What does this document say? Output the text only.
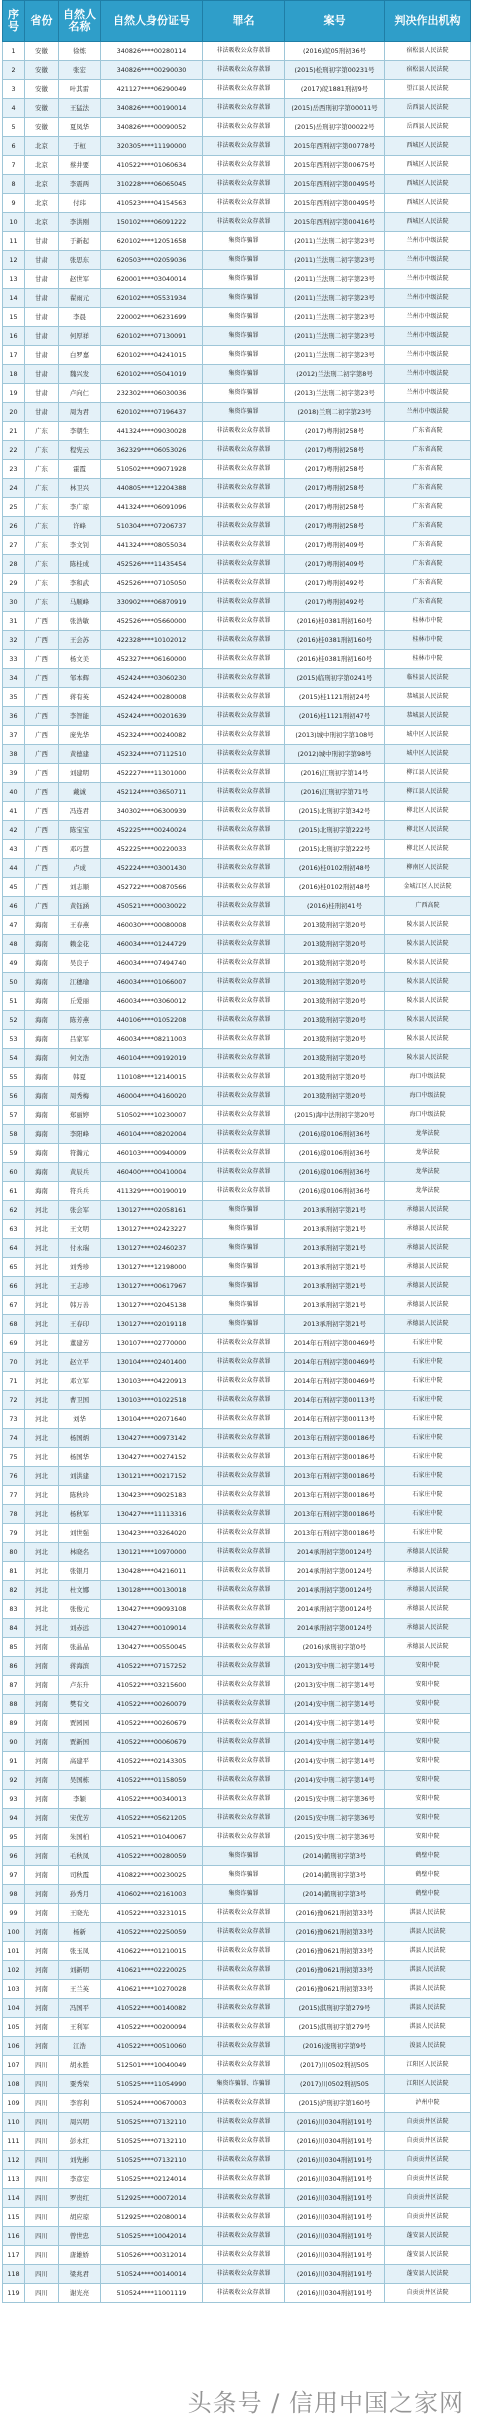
序号	省份	自然人名称	自然人身份证号	罪名	案号	判决作出机构
1	安徽	徐炼	340826****00280114	非法吸收公众存款罪	(2016)皖05刑初36号	宿松县人民法院
2	安徽	张宏	340826****00290030	非法吸收公众存款罪	(2015)松刑初字第00231号	宿松县人民法院
3	安徽	叶其雷	421127****06290049	非法吸收公众存款罪	(2017)皖1881刑初9号	望江县人民法院
4	安徽	王猛法	340826****00190014	非法吸收公众存款罪	(2015)岳西刑初字第00011号	岳西县人民法院
5	安徽	夏凤华	340826****00090052	非法吸收公众存款罪	(2015)岳刑初字第00022号	岳西县人民法院
6	北京	于桓	320305****11190000	非法吸收公众存款罪	2015年西刑初字第00778号	西城区人民法院
7	北京	蔡井要	410522****01060634	非法吸收公众存款罪	2015年西刑初字第00675号	西城区人民法院
8	北京	李震两	310228****06065045	非法吸收公众存款罪	2015年西刑初字第00495号	西城区人民法院
9	北京	付玮	410523****04154563	非法吸收公众存款罪	2015年西刑初字第00495号	西城区人民法院
10	北京	李洪刚	150102****06091222	非法吸收公众存款罪	2015年西刑初字第00416号	西城区人民法院
11	甘肃	于新起	620102****12051658	集资诈骗罪	(2011)兰法刑二初字第23号	兰州市中级法院
12	甘肃	张思东	620503****02059036	集资诈骗罪	(2011)兰法刑二初字第23号	兰州市中级法院
13	甘肃	赵世军	620001****03040014	集资诈骗罪	(2011)兰法刑二初字第23号	兰州市中级法院
14	甘肃	翟雨元	620102****05531934	集资诈骗罪	(2011)兰法刑二初字第23号	兰州市中级法院
15	甘肃	李晨	220002****06231699	集资诈骗罪	(2011)兰法刑二初字第23号	兰州市中级法院
16	甘肃	何厚祥	620102****07130091	集资诈骗罪	(2011)兰法刑二初字第23号	兰州市中级法院
17	甘肃	白罗嘉	620102****04241015	集资诈骗罪	(2011)兰法刑二初字第23号	兰州市中级法院
18	甘肃	魏兴发	620102****05041019	集资诈骗罪	(2012)兰法刑二初字第8号	兰州市中级法院
19	甘肃	卢向仁	232302****06030036	集资诈骗罪	(2013)兰法刑二初字第23号	兰州市中级法院
20	甘肃	周为君	620102****07196437	集资诈骗罪	(2018)兰刑二初字第23号	兰州市中级法院
21	广东	李朝生	441324****09030028	非法吸收公众存款罪	(2017)粤刑初258号	广东省高院
22	广东	程宪云	362329****06053026	非法吸收公众存款罪	(2017)粤刑初258号	广东省高院
23	广东	霍霞	510502****09071928	非法吸收公众存款罪	(2017)粤刑初258号	广东省高院
24	广东	林卫兴	440805****12204388	非法吸收公众存款罪	(2017)粤刑初258号	广东省高院
25	广东	李广琼	441324****06091096	非法吸收公众存款罪	(2017)粤刑初258号	广东省高院
26	广东	许峰	510304****07206737	非法吸收公众存款罪	(2017)粤刑初258号	广东省高院
27	广东	李文钊	441324****08055034	非法吸收公众存款罪	(2017)粤刑初409号	广东省高院
28	广东	陈桂成	452526****11435454	非法吸收公众存款罪	(2017)粤刑初409号	广东省高院
29	广东	李和武	452526****07105050	非法吸收公众存款罪	(2017)粤刑初492号	广东省高院
30	广东	马顺峰	330902****06870919	非法吸收公众存款罪	(2017)粤刑初492号	广东省高院
31	广西	张浩敏	452526****05660000	非法吸收公众存款罪	(2016)桂0381刑初160号	桂林市中院
32	广西	王会苏	422328****10102012	非法吸收公众存款罪	(2016)桂0381刑初160号	桂林市中院
33	广西	杨文美	452327****06160000	非法吸收公众存款罪	(2016)桂0381刑初160号	桂林市中院
34	广西	邹本辉	452424****03060230	非法吸收公众存款罪	(2015)临刑初字第0241号	临桂县人民法院
35	广西	蒋有英	452424****00280008	非法吸收公众存款罪	(2015)桂1121刑初24号	恭城县人民法院
36	广西	李智能	452424****00201639	非法吸收公众存款罪	(2016)桂1121刑初47号	恭城县人民法院
37	广西	庞先华	452324****00240082	非法吸收公众存款罪	(2013)城中刑初字第108号	城中区人民法院
38	广西	黄德建	452324****07112510	非法吸收公众存款罪	(2012)城中刑初字第98号	城中区人民法院
39	广西	刘建明	452227****11301000	非法吸收公众存款罪	(2016)江刑初字第14号	柳江县人民法院
40	广西	戴诚	452124****03650711	非法吸收公众存款罪	(2016)江刑初字第71号	柳江县人民法院
41	广西	冯连君	340302****06300939	非法吸收公众存款罪	(2015)北刑初字第342号	柳北区人民法院
42	广西	陈宝宝	452225****00240024	非法吸收公众存款罪	(2015)北刑初字第222号	柳北区人民法院
43	广西	邓巧慧	452225****00220033	非法吸收公众存款罪	(2015)北刑初字第222号	柳北区人民法院
44	广西	卢成	452224****03001430	非法吸收公众存款罪	(2016)桂0102刑初48号	柳南区人民法院
45	广西	刘志顺	452722****00870566	非法吸收公众存款罪	(2016)桂0102刑初48号	金城江区人民法院
46	广西	黄钰涵	450521****00030022	非法吸收公众存款罪	(2016)桂刑初41号	广西高院
47	海南	王春燕	460030****00080008	非法吸收公众存款罪	2013陵刑初字第20号	陵水县人民法院
48	海南	赖金花	460034****01244729	非法吸收公众存款罪	2013陵刑初字第20号	陵水县人民法院
49	海南	吴良子	460034****07494740	非法吸收公众存款罪	2013陵刑初字第20号	陵水县人民法院
50	海南	江穗瑜	460034****01066007	非法吸收公众存款罪	2013陵刑初字第20号	陵水县人民法院
51	海南	丘爱丽	460034****03060012	非法吸收公众存款罪	2013陵刑初字第20号	陵水县人民法院
52	海南	陈芳燕	440106****01052208	非法吸收公众存款罪	2013陵刑初字第20号	陵水县人民法院
53	海南	吕家军	460034****08211003	非法吸收公众存款罪	2013陵刑初字第20号	陵水县人民法院
54	海南	何文浩	460104****09192019	非法吸收公众存款罪	2013陵刑初字第20号	陵水县人民法院
55	海南	韩夏	110108****12140015	非法吸收公众存款罪	2013陵刑初字第20号	海口中级法院
56	海南	周秀梅	460004****04160020	非法吸收公众存款罪	2013陵刑初字第20号	海口中级法院
57	海南	郑丽婷	510502****10230007	非法吸收公众存款罪	(2015)海中法刑初字第20号	海口中级法院
58	海南	李阳峰	460104****08202004	非法吸收公众存款罪	(2016)琼0106刑初36号	龙华法院
59	海南	符瀚元	460103****00940009	非法吸收公众存款罪	(2016)琼0106刑初36号	龙华法院
60	海南	黄辰兵	460400****00410004	非法吸收公众存款罪	(2016)琼0106刑初36号	龙华法院
61	海南	符兵兵	411329****00190019	非法吸收公众存款罪	(2016)琼0106刑初36号	龙华法院
62	河北	张会军	130127****02058161	集资诈骗罪	2013承刑初字第21号	承德县人民法院
63	河北	王文明	130127****02423227	集资诈骗罪	2013承刑初字第21号	承德县人民法院
64	河北	付永瑞	130127****02460237	集资诈骗罪	2013承刑初字第21号	承德县人民法院
65	河北	刘秀珍	130127****12198000	集资诈骗罪	2013承刑初字第21号	承德县人民法院
66	河北	王志珍	130127****00617967	集资诈骗罪	2013承刑初字第21号	承德县人民法院
67	河北	韩万善	130127****02045138	集资诈骗罪	2013承刑初字第21号	承德县人民法院
68	河北	王春印	130127****02019118	集资诈骗罪	2013承刑初字第21号	承德县人民法院
69	河北	董建芳	130107****02770000	非法吸收公众存款罪	2014年石刑初字第00469号	石家庄中院
70	河北	赵立平	130104****02401400	非法吸收公众存款罪	2014年石刑初字第00469号	石家庄中院
71	河北	邓立军	130103****04220913	非法吸收公众存款罪	2014年石刑初字第00469号	石家庄中院
72	河北	曹卫国	130103****01022518	非法吸收公众存款罪	2014年石刑初字第00113号	石家庄中院
73	河北	刘华	130104****02071640	非法吸收公众存款罪	2014年石刑初字第00113号	石家庄中院
74	河北	杨国炳	130427****00973142	非法吸收公众存款罪	2013年石刑初字第00186号	石家庄中院
75	河北	杨国华	130427****00274152	非法吸收公众存款罪	2013年石刑初字第00186号	石家庄中院
76	河北	刘洪建	130121****00217152	非法吸收公众存款罪	2013年石刑初字第00186号	石家庄中院
77	河北	陈秋玲	130423****09025183	非法吸收公众存款罪	2013年石刑初字第00186号	石家庄中院
78	河北	杨秋军	130427****11113316	非法吸收公众存款罪	2013年石刑初字第00186号	石家庄中院
79	河北	刘世强	130423****03264020	非法吸收公众存款罪	2013年石刑初字第00186号	石家庄中院
80	河北	林晓名	130121****10970000	非法吸收公众存款罪	2014承刑初字第00124号	承德县人民法院
81	河北	张银月	130428****04216011	非法吸收公众存款罪	2014承刑初字第00124号	承德县人民法院
82	河北	杜文娜	130128****00130018	非法吸收公众存款罪	2014承刑初字第00124号	承德县人民法院
83	河北	张俊元	130427****09093108	非法吸收公众存款罪	2014承刑初字第00124号	承德县人民法院
84	河北	刘赤远	130427****00109014	非法吸收公众存款罪	2014承刑初字第00124号	承德县人民法院
85	河南	张晶晶	130427****00550045	非法吸收公众存款罪	(2016)承刑初字第0号	承德县人民法院
86	河南	蒋海滨	410522****07157252	非法吸收公众存款罪	(2013)安中刑二初字第14号	安阳中院
87	河南	卢东升	410522****03215600	非法吸收公众存款罪	(2013)安中刑二初字第14号	安阳中院
88	河南	樊有文	410522****00260079	非法吸收公众存款罪	(2014)安中刑二初字第14号	安阳中院
89	河南	贾园园	410522****00260679	非法吸收公众存款罪	(2014)安中刑二初字第14号	安阳中院
90	河南	贾新国	410522****00060679	非法吸收公众存款罪	(2014)安中刑二初字第14号	安阳中院
91	河南	高建平	410522****02143305	非法吸收公众存款罪	(2014)安中刑二初字第14号	安阳中院
92	河南	吴国栋	410522****01158059	非法吸收公众存款罪	(2014)安中刑二初字第14号	安阳中院
93	河南	李颖	410522****00340013	非法吸收公众存款罪	(2015)安中刑二初字第36号	安阳中院
94	河南	宋优芳	410522****05621205	非法吸收公众存款罪	(2015)安中刑二初字第36号	安阳中院
95	河南	朱国柏	410521****01040067	非法吸收公众存款罪	(2015)安中刑二初字第36号	安阳中院
96	河南	毛秋凤	410522****00280059	集资诈骗罪	(2014)鹤刑初字第3号	鹤壁中院
97	河南	司秋霞	410822****00230025	集资诈骗罪	(2014)鹤刑初字第3号	鹤壁中院
98	河南	孙秀月	410602****02161003	集资诈骗罪	(2014)鹤刑初字第3号	鹤壁中院
99	河南	王晓光	410522****03231015	非法吸收公众存款罪	(2016)豫0621刑初第33号	淇县人民法院
100	河南	杨新	410522****02250059	非法吸收公众存款罪	(2016)豫0621刑初第33号	淇县人民法院
101	河南	张玉凤	410622****01210015	非法吸收公众存款罪	(2016)豫0621刑初第33号	淇县人民法院
102	河南	刘新明	410621****02220025	非法吸收公众存款罪	(2016)豫0621刑初第33号	淇县人民法院
103	河南	王兰英	410621****10270028	非法吸收公众存款罪	(2016)豫0621刑初第33号	淇县人民法院
104	河南	冯国平	410522****00140082	非法吸收公众存款罪	(2015)淇刑初字第279号	淇县人民法院
105	河南	王利军	410522****00200094	非法吸收公众存款罪	(2015)淇刑初字第279号	淇县人民法院
106	河南	江浩	410522****00510060	非法吸收公众存款罪	(2016)浚刑初字第9号	浚县人民法院
107	四川	胡永胜	512501****10040049	非法吸收公众存款罪	(2017)川0502刑初505	江阳区人民法院
108	四川	粟秀荣	510525****11054990	集资诈骗罪、诈骗罪	(2017)川0502刑初505	江阳区人民法院
109	四川	李容利	510524****00670003	非法吸收公众存款罪	(2015)泸刑初字第160号	泸州中院
110	四川	周兴明	510525****07132110	非法吸收公众存款罪	(2016)川0304刑初191号	自贡贡井区法院
111	四川	彭永红	510525****07132110	非法吸收公众存款罪	(2016)川0304刑初191号	自贡贡井区法院
112	四川	刘先彬	510525****07132110	非法吸收公众存款罪	(2016)川0304刑初191号	自贡贡井区法院
113	四川	李彦宏	510525****02124014	非法吸收公众存款罪	(2016)川0304刑初191号	自贡贡井区法院
114	四川	罗贵红	512925****00072014	非法吸收公众存款罪	(2016)川0304刑初191号	自贡贡井区法院
115	四川	胡应琼	512925****02080014	非法吸收公众存款罪	(2016)川0304刑初191号	自贡贡井区法院
116	四川	曾世忠	510525****10042014	非法吸收公众存款罪	(2016)川0304刑初191号	蓬安县人民法院
117	四川	唐雄娇	510526****00312014	非法吸收公众存款罪	(2016)川0304刑初191号	蓬安县人民法院
118	四川	梁兆君	510524****00140014	非法吸收公众存款罪	(2016)川0304刑初191号	蓬安县人民法院
119	四川	谢光亮	510524****11001119	非法吸收公众存款罪	(2016)川0304刑初191号	自贡贡井区法院
头条号 / 信用中国之家网
